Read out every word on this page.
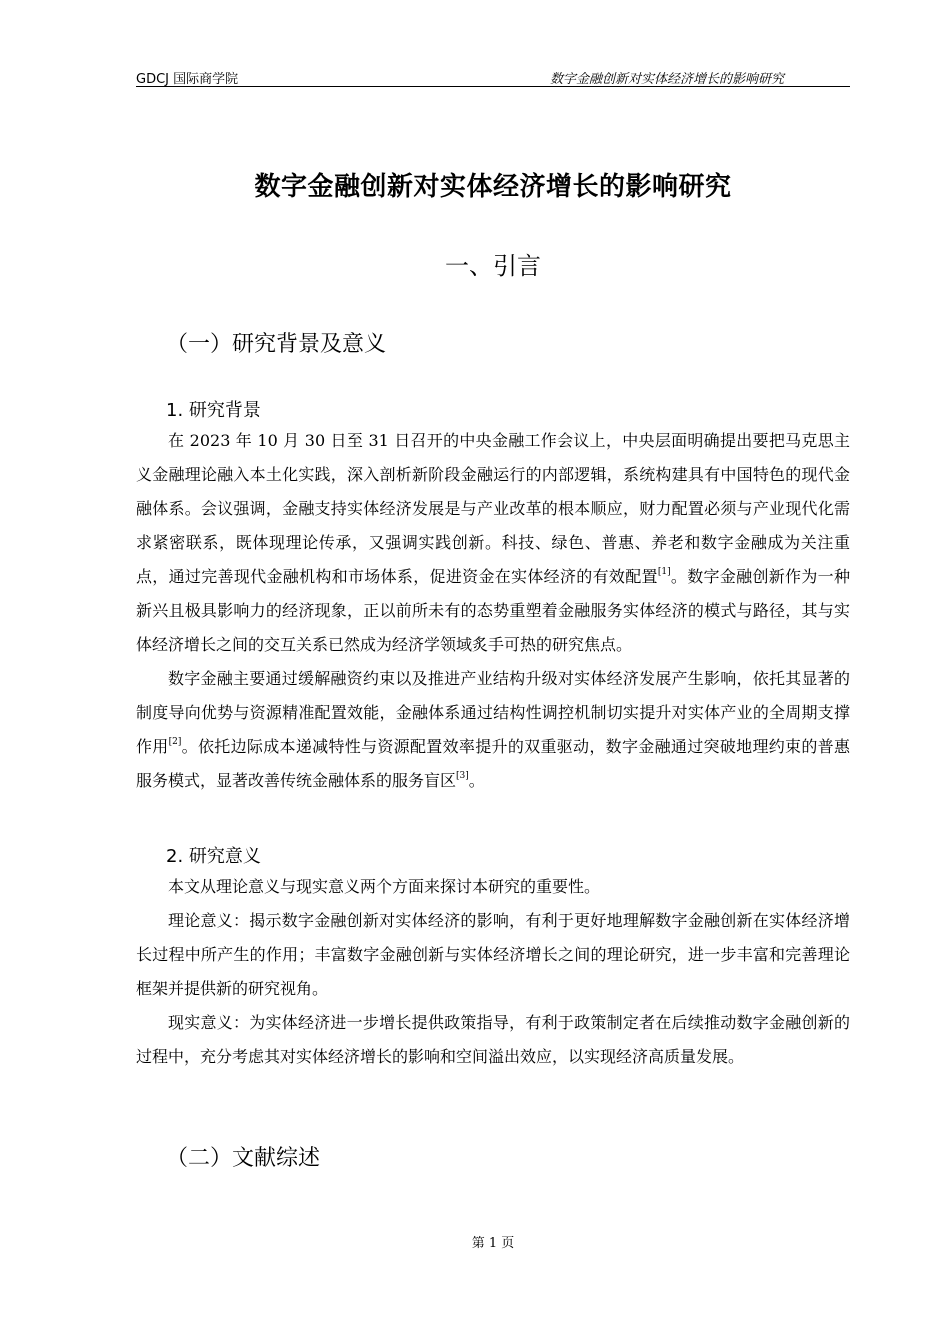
GDCJ 国际商学院	数字金融创新对实体经济增长的影响研究
数字金融创新对实体经济增长的影响研究
一、引言
（一）研究背景及意义
1. 研究背景

在 2023 年 10 月 30 日至 31 日召开的中央金融工作会议上，中央层面明确提出要把马克思主义金融理论融入本土化实践，深入剖析新阶段金融运行的内部逻辑，系统构建具有中国特色的现代金融体系。会议强调，金融支持实体经济发展是与产业改革的根本顺应，财力配置必须与产业现代化需求紧密联系，既体现理论传承，又强调实践创新。科技、绿色、普惠、养老和数字金融成为关注重点，通过完善现代金融机构和市场体系，促进资金在实体经济的有效配置[1]。数字金融创新作为一种新兴且极具影响力的经济现象，正以前所未有的态势重塑着金融服务实体经济的模式与路径，其与实体经济增长之间的交互关系已然成为经济学领域炙手可热的研究焦点。

数字金融主要通过缓解融资约束以及推进产业结构升级对实体经济发展产生影响，依托其显著的制度导向优势与资源精准配置效能，金融体系通过结构性调控机制切实提升对实体产业的全周期支撑作用[2]。依托边际成本递减特性与资源配置效率提升的双重驱动，数字金融通过突破地理约束的普惠服务模式，显著改善传统金融体系的服务盲区[3]。

2. 研究意义

本文从理论意义与现实意义两个方面来探讨本研究的重要性。

理论意义：揭示数字金融创新对实体经济的影响，有利于更好地理解数字金融创新在实体经济增长过程中所产生的作用；丰富数字金融创新与实体经济增长之间的理论研究，进一步丰富和完善理论框架并提供新的研究视角。

现实意义：为实体经济进一步增长提供政策指导，有利于政策制定者在后续推动数字金融创新的过程中，充分考虑其对实体经济增长的影响和空间溢出效应，以实现经济高质量发展。

（二）文献综述
第 1 页
